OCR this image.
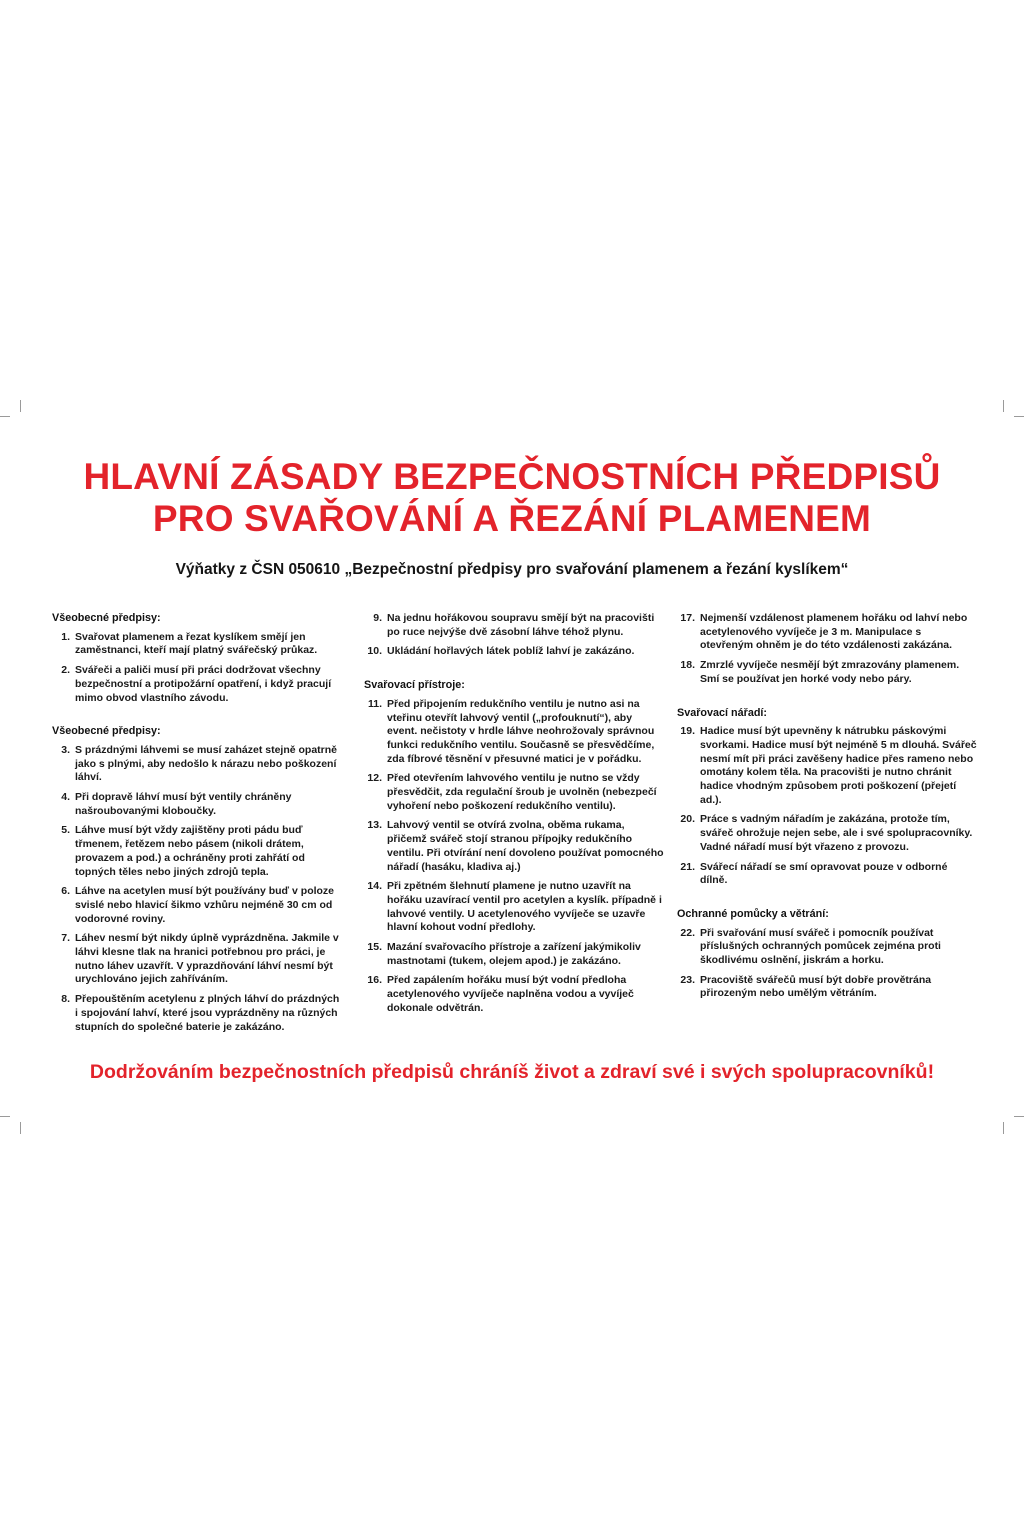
HLAVNÍ ZÁSADY BEZPEČNOSTNÍCH PŘEDPISŮ
PRO SVAŘOVÁNÍ A ŘEZÁNÍ PLAMENEM

Výňatky z ČSN 050610 „Bezpečnostní předpisy pro svařování plamenem a řezání kyslíkem“

Všeobecné předpisy:
1. Svařovat plamenem a řezat kyslíkem smějí jen zaměstnanci, kteří mají platný svářečský průkaz.
2. Svářeči a paliči musí při práci dodržovat všechny bezpečnostní a protipožární opatření, i když pracují mimo obvod vlastního závodu.
Všeobecné předpisy:
3. S prázdnými láhvemi se musí zaházet stejně opatrně jako s plnými, aby nedošlo k nárazu nebo poškození láhví.
4. Při dopravě láhví musí být ventily chráněny našroubovanými kloboučky.
5. Láhve musí být vždy zajištěny proti pádu buď třmenem, řetězem nebo pásem (nikoli drátem, provazem a pod.) a ochráněny proti zahřátí od topných těles nebo jiných zdrojů tepla.
6. Láhve na acetylen musí být používány buď v poloze svislé nebo hlavicí šikmo vzhůru nejméně 30 cm od vodorovné roviny.
7. Láhev nesmí být nikdy úplně vyprázdněna. Jakmile v láhvi klesne tlak na hranici potřebnou pro práci, je nutno láhev uzavřít. V yprazdňování láhví nesmí být urychlováno jejich zahříváním.
8. Přepouštěním acetylenu z plných láhví do prázdných i spojování lahví, které jsou vyprázdněny na různých stupních do společné baterie je zakázáno.
9. Na jednu hořákovou soupravu smějí být na pracovišti po ruce nejvýše dvě zásobní láhve téhož plynu.
10. Ukládání hořlavých látek poblíž lahví je zakázáno.
Svařovací přístroje:
11. Před připojením redukčního ventilu je nutno asi na vteřinu otevřít lahvový ventil („profouknutí“), aby event. nečistoty v hrdle láhve neohrožovaly správnou funkci redukčního ventilu. Současně se přesvědčíme, zda fíbrové těsnění v přesuvné matici je v pořádku.
12. Před otevřením lahvového ventilu je nutno se vždy přesvědčit, zda regulační šroub je uvolněn (nebezpečí vyhoření nebo poškození redukčního ventilu).
13. Lahvový ventil se otvírá zvolna, oběma rukama, přičemž svářeč stojí stranou přípojky redukčního ventilu. Při otvírání není dovoleno používat pomocného nářadí (hasáku, kladiva aj.)
14. Při zpětném šlehnutí plamene je nutno uzavřít na hořáku uzavírací ventil pro acetylen a kyslík. případně i lahvové ventily. U acetylenového vyvíječe se uzavře hlavní kohout vodní předlohy.
15. Mazání svařovacího přístroje a zařízení jakýmikoliv mastnotami (tukem, olejem apod.) je zakázáno.
16. Před zapálením hořáku musí být vodní předloha acetylenového vyvíječe naplněna vodou a vyvíječ dokonale odvětrán.
17. Nejmenší vzdálenost plamenem hořáku od lahví nebo acetylenového vyvíječe je 3 m. Manipulace s otevřeným ohněm je do této vzdálenosti zakázána.
18. Zmrzlé vyvíječe nesmějí být zmrazovány plamenem. Smí se používat jen horké vody nebo páry.
Svařovací nářadí:
19. Hadice musí být upevněny k nátrubku páskovými svorkami. Hadice musí být nejméně 5 m dlouhá. Svářeč nesmí mít při práci zavěšeny hadice přes rameno nebo omotány kolem těla. Na pracovišti je nutno chránit hadice vhodným způsobem proti poškození (přejetí ad.).
20. Práce s vadným nářadím je zakázána, protože tím, svářeč ohrožuje nejen sebe, ale i své spolupracovníky. Vadné nářadí musí být vřazeno z provozu.
21. Svářecí nářadí se smí opravovat pouze v odborné dílně.
Ochranné pomůcky a větrání:
22. Při svařování musí svářeč i pomocník používat příslušných ochranných pomůcek zejména proti škodlivému oslnění, jiskrám a horku.
23. Pracoviště svářečů musí být dobře provětrána přirozeným nebo umělým větráním.

Dodržováním bezpečnostních předpisů chráníš život a zdraví své i svých spolupracovníků!
